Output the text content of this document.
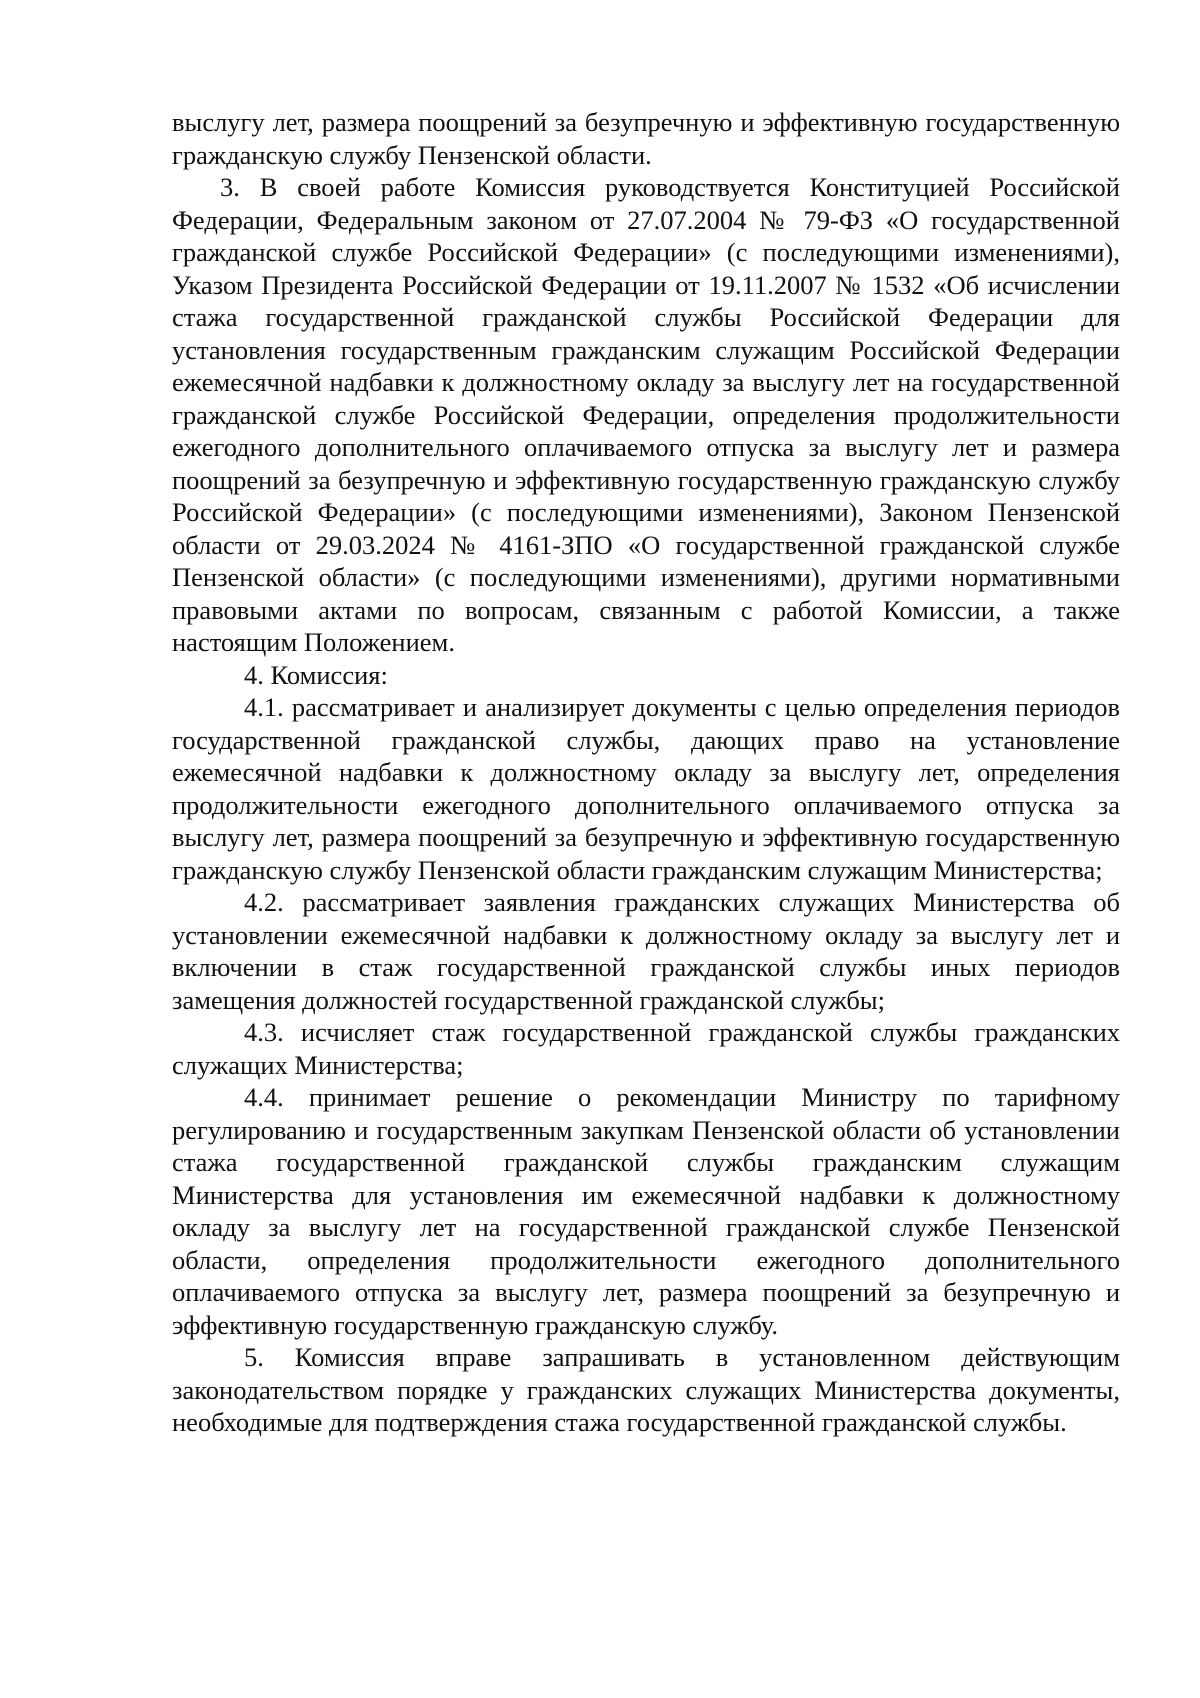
выслугу лет, размера поощрений за безупречную и эффективную государственную гражданскую службу Пензенской области.

3. В своей работе Комиссия руководствуется Конституцией Российской Федерации, Федеральным законом от 27.07.2004 № 79-ФЗ «О государственной гражданской службе Российской Федерации» (с последующими изменениями), Указом Президента Российской Федерации от 19.11.2007 № 1532 «Об исчислении стажа государственной гражданской службы Российской Федерации для установления государственным гражданским служащим Российской Федерации ежемесячной надбавки к должностному окладу за выслугу лет на государственной гражданской службе Российской Федерации, определения продолжительности ежегодного дополнительного оплачиваемого отпуска за выслугу лет и размера поощрений за безупречную и эффективную государственную гражданскую службу Российской Федерации» (с последующими изменениями), Законом Пензенской области от 29.03.2024 № 4161-ЗПО «О государственной гражданской службе Пензенской области» (с последующими изменениями), другими нормативными правовыми актами по вопросам, связанным с работой Комиссии, а также настоящим Положением.

4. Комиссия:

4.1. рассматривает и анализирует документы с целью определения периодов государственной гражданской службы, дающих право на установление ежемесячной надбавки к должностному окладу за выслугу лет, определения продолжительности ежегодного дополнительного оплачиваемого отпуска за выслугу лет, размера поощрений за безупречную и эффективную государственную гражданскую службу Пензенской области гражданским служащим Министерства;

4.2. рассматривает заявления гражданских служащих Министерства об установлении ежемесячной надбавки к должностному окладу за выслугу лет и включении в стаж государственной гражданской службы иных периодов замещения должностей государственной гражданской службы;

4.3. исчисляет стаж государственной гражданской службы гражданских служащих Министерства;

4.4. принимает решение о рекомендации Министру по тарифному регулированию и государственным закупкам Пензенской области об установлении стажа государственной гражданской службы гражданским служащим Министерства для установления им ежемесячной надбавки к должностному окладу за выслугу лет на государственной гражданской службе Пензенской области, определения продолжительности ежегодного дополнительного оплачиваемого отпуска за выслугу лет, размера поощрений за безупречную и эффективную государственную гражданскую службу.

5. Комиссия вправе запрашивать в установленном действующим законодательством порядке у гражданских служащих Министерства документы, необходимые для подтверждения стажа государственной гражданской службы.
